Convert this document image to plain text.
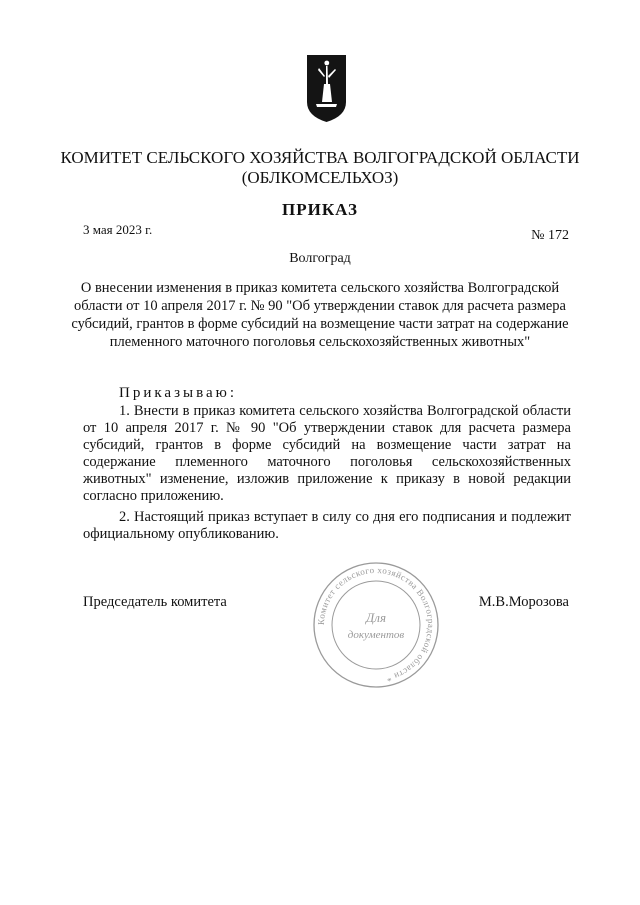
КОМИТЕТ СЕЛЬСКОГО ХОЗЯЙСТВА ВОЛГОГРАДСКОЙ ОБЛАСТИ
(ОБЛКОМСЕЛЬХОЗ)
ПРИКАЗ
3 мая 2023 г.	№ 172
Волгоград
О внесении изменения в приказ комитета сельского хозяйства Волгоградской области от 10 апреля 2017 г. № 90 "Об утверждении ставок для расчета размера субсидий, грантов в форме субсидий на возмещение части затрат на содержание племенного маточного поголовья сельскохозяйственных животных"
Приказываю:

1. Внести в приказ комитета сельского хозяйства Волгоградской области от 10 апреля 2017 г. № 90 "Об утверждении ставок для расчета размера субсидий, грантов в форме субсидий на возмещение части затрат на содержание племенного маточного поголовья сельскохозяйственных животных" изменение, изложив приложение к приказу в новой редакции согласно приложению.

2. Настоящий приказ вступает в силу со дня его подписания и подлежит официальному опубликованию.

Председатель комитета	М.В.Морозова
Комитет сельского хозяйства Волгоградской области *
Для
документов
